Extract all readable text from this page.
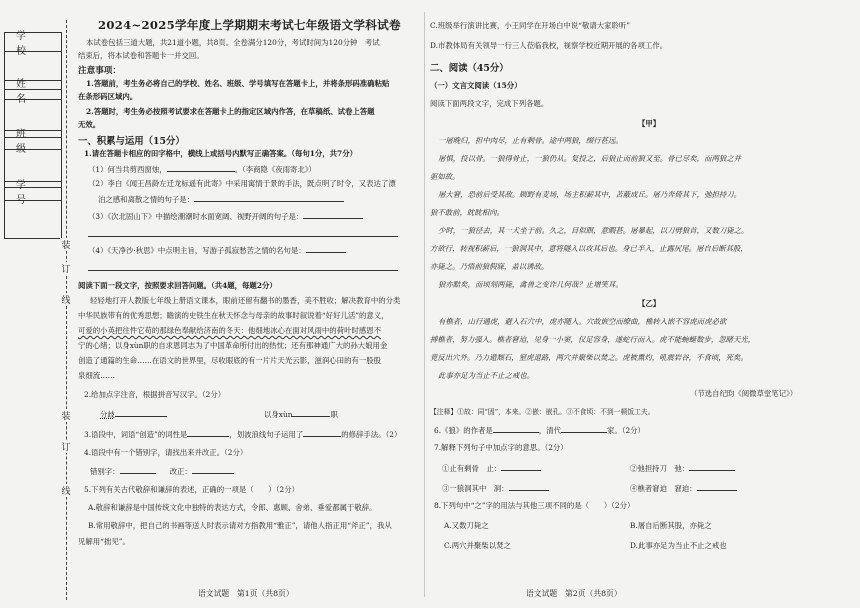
学　校
姓　名
班　级
学　号
装
订
线
装
订
线
2024~2025学年度上学期期末考试七年级语文学科试卷
本试卷包括三道大题，共21道小题，共8页。全卷满分120分，考试时间为120分钟　考试
结束后，将本试卷和答题卡一并交回。
注意事项：
1.答题前，考生务必将自己的学校、姓名、班级、学号填写在答题卡上，并将条形码准确粘贴
在条形码区域内。
2.答题时，考生务必按照考试要求在答题卡上的指定区域内作答，在草稿纸、试卷上答题
无效。
一、积累与运用（15分）
1.请在答题卡相应的田字格中，横线上或括号内默写正确答案。（每句1分，共7分）
（1）何当共剪西窗烛，	。（李商隐《夜雨寄北》）
（2）李白《闻王昌龄左迁龙标遥有此寄》中采用寓情于景的手法，既点明了时令，又表达了漂
泊之感和离散之情的句子是：
（3）《次北固山下》中描绘潮潮时水面宽阔、视野开阔的句子是：
（4）《天净沙·秋思》中点明主旨，写游子孤寂愁苦之情的名句是：
阅读下面一段文字，按照要求回答问题。（共4题，每题2分）
轻轻地打开人教版七年级上册语文课本，眼前还留有翻书的墨香，美不胜收；解决教育中的分类
中华民族带有的优秀思想；瞻演的史铁生在秋天怀念与母亲的故事时叙说着“好好儿活”的意义，
可爱的小英把往件它苟的那绿色奉献给济南的冬天：他细地冰心在面对风雨中的荷叶时感恩不
宁的心绪；以身xùn职的自求恩同志为了中国革命所付出的热忱；还有那神通广大的孙大娘用金
创造了通篇的生命……在语文的世界里，尽收眼底的有一片片天光云影，滋润心田的有一股股
泉细流……
2.给加点字注音，根据拼音写汉字。（2分）
分歧	以身xùn	职
3.语段中，词语“创造”的词性是	，划波浪线句子运用了	的修辞手法。（2）
4.语段中有一个错别字，请找出来并改正。（2分）
错别字：	改正：
5.下列有关古代敬辞和谦辞的表述，正确的一项是（　　）（2分）
A.敬辞和谦辞是中国传统文化中独特的表达方式，令郎、惠顾、舍弟、垂爱都属于敬辞。
B.常用敬辞中，把自己的书画等送人时表示请对方指教用“雅正”，请他人指正用“斧正”，我从
见解用“拙见”。
语文试题　第1页（共8页）
C.班级举行演讲比赛，小王同学在开场白中说“敬请大家聆听”
D.市教体局有关领导一行三人莅临我校，视察学校近期开展的各项工作。
二、阅读（45分）
（一）文言文阅读（15分）
阅读下面两段文字，完成下列各题。
【甲】
一屠晚归，担中肉尽，止有剩骨。途中两狼，缀行甚远。
屠惧，投以骨。一狼得骨止，一狼仍从。复投之，后狼止而前狼又至。骨已尽矣，而两狼之并
驱如故。
屠大窘，恐前后受其敌。顾野有麦场，场主积薪其中，苫蔽成丘。屠乃奔倚其下，弛担持刀。
狼不敢前，眈眈相向。
少时，一狼径去，其一犬坐于前。久之，目似瞑，意暇甚。屠暴起，以刀劈狼首，又数刀毙之。
方欲行，转视积薪后，一狼洞其中，意将隧入以攻其后也。身已半入，止露尻尾。屠自后断其股，
亦毙之。乃悟前狼假寐，盖以诱敌。
狼亦黠矣，而顷刻两毙，禽兽之变诈几何哉？止增笑耳。
【乙】
有樵者，山行遇虎，避入石穴中，虎亦随入。穴故嵌空而缭曲，樵转入嵌不容虎而虎必欲
搏樵者，努力强入。樵者窘迫，见身一小窦，仅足容身，遂蛇行而入。虎不能蜿蜒数步，忽睹天光，
竟反出穴外。乃力遁颓石，窒虎退路，两穴并聚柴以焚之。虎被熏灼，吼震岩谷，不食顷，死矣。
此事亦足为当止不止之戒也。
（节选自纪昀《阅微草堂笔记》）
【注释】①故：同“固”，本来。②嵌：嵌孔。③不食顷：不到一顿饭工夫。
6.《狼》的作者是	，清代	家。（2分）
7.解释下列句子中加点字的意思。（2分）
①止有剩骨　止：	②弛担持刀　弛：
③一狼洞其中　洞：	④樵者窘迫　窘迫：
8.下列句中“之”字的用法与其他三项不同的是（　　）（2分）
A.又数刀毙之	B.屠自后断其股，亦毙之
C.两穴并聚柴以焚之	D.此事亦足为当止不止之戒也
语文试题　第2页（共8页）
